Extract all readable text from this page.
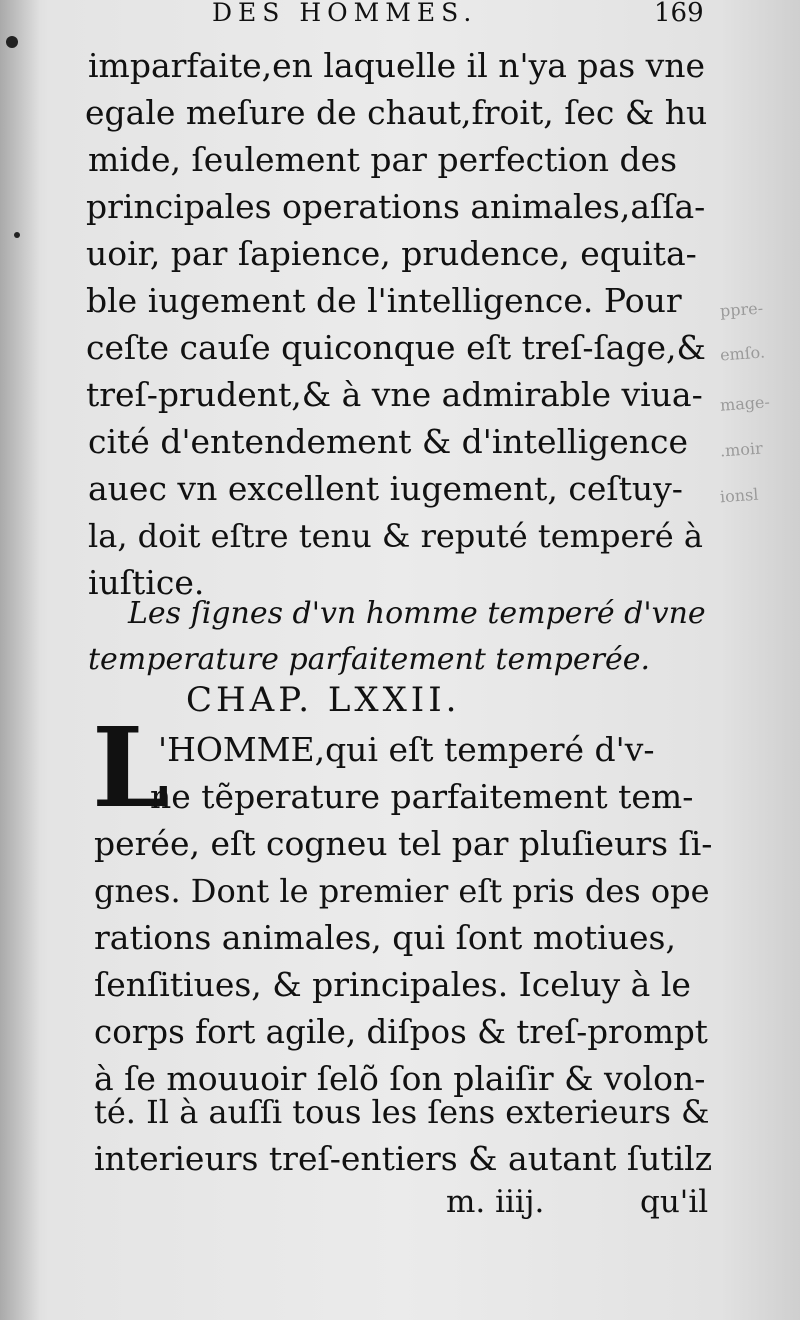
DES HOMMES.	169
ppre-
emſo.
mage-
.moir
ionsl
imparfaite,en laquelle il n'ya pas vne
egale meſure de chaut,froit, ſec & hu
mide, ſeulement par perfection des
principales operations animales,aſſa-
uoir, par ſapience, prudence, equita-
ble iugement de l'intelligence. Pour
ceſte cauſe quiconque eſt treſ-ſage,&
treſ-prudent,& à vne admirable viua-
cité d'entendement & d'intelligence
auec vn excellent iugement, ceſtuy-
la, doit eſtre tenu & reputé temperé à
iuſtice.
Les ſignes d'vn homme temperé d'vne
temperature parfaitement temperée.
CHAP. LXXII.
L
'HOMME,qui eſt temperé d'v-
ne tẽperature parfaitement tem-
perée, eſt cogneu tel par pluſieurs ſi-
gnes. Dont le premier eſt pris des ope
rations animales, qui ſont motiues,
ſenſitiues, & principales. Iceluy à le
corps fort agile, diſpos & treſ-prompt
à ſe mouuoir ſelõ ſon plaiſir & volon-
té. Il à auſſi tous les ſens exterieurs &
interieurs treſ-entiers & autant ſutilz
m. iiij.	qu'il
